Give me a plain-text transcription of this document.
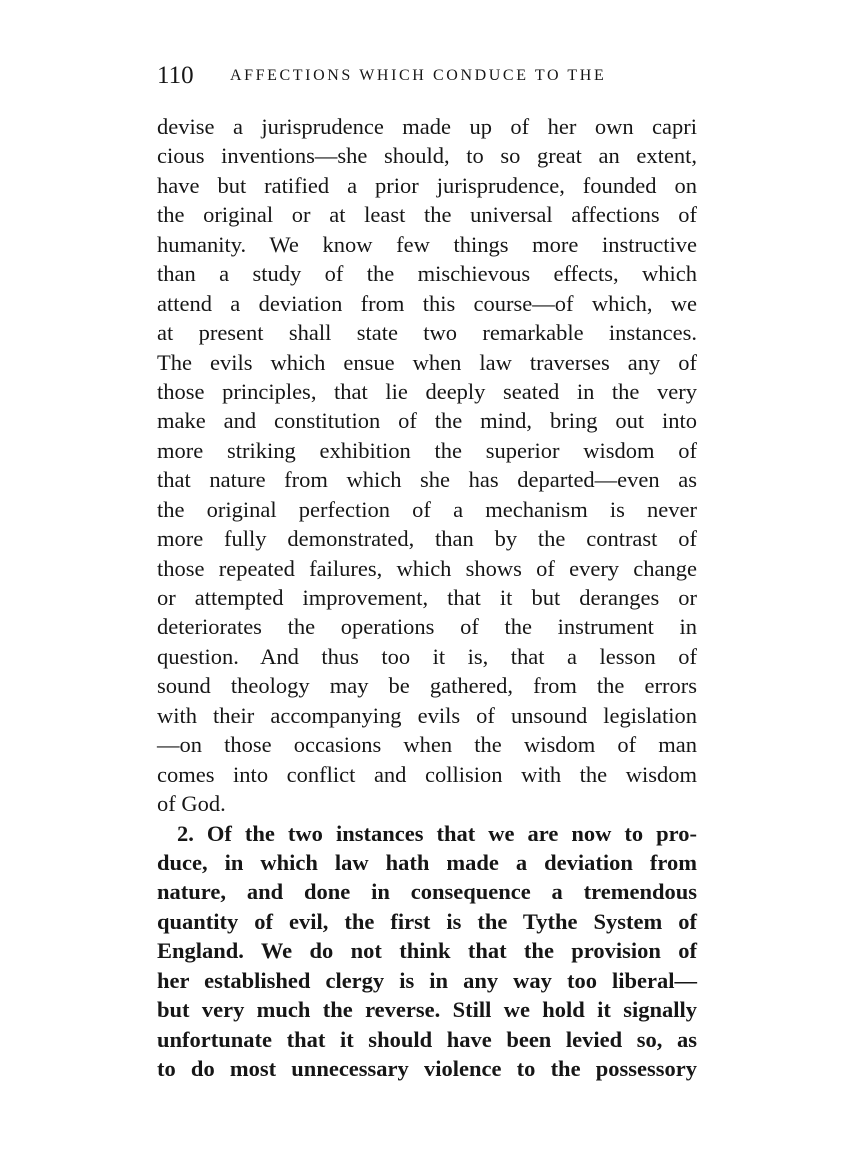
110 AFFECTIONS WHICH CONDUCE TO THE
devise a jurisprudence made up of her own capri
cious inventions—she should, to so great an extent,
have but ratified a prior jurisprudence, founded on
the original or at least the universal affections of
humanity. We know few things more instructive
than a study of the mischievous effects, which
attend a deviation from this course—of which, we
at present shall state two remarkable instances.
The evils which ensue when law traverses any of
those principles, that lie deeply seated in the very
make and constitution of the mind, bring out into
more striking exhibition the superior wisdom of
that nature from which she has departed—even as
the original perfection of a mechanism is never
more fully demonstrated, than by the contrast of
those repeated failures, which shows of every change
or attempted improvement, that it but deranges or
deteriorates the operations of the instrument in
question. And thus too it is, that a lesson of
sound theology may be gathered, from the errors
with their accompanying evils of unsound legislation
—on those occasions when the wisdom of man
comes into conflict and collision with the wisdom
of God.
2. Of the two instances that we are now to pro-
duce, in which law hath made a deviation from
nature, and done in consequence a tremendous
quantity of evil, the first is the Tythe System of
England. We do not think that the provision of
her established clergy is in any way too liberal—
but very much the reverse. Still we hold it signally
unfortunate that it should have been levied so, as
to do most unnecessary violence to the possessory
